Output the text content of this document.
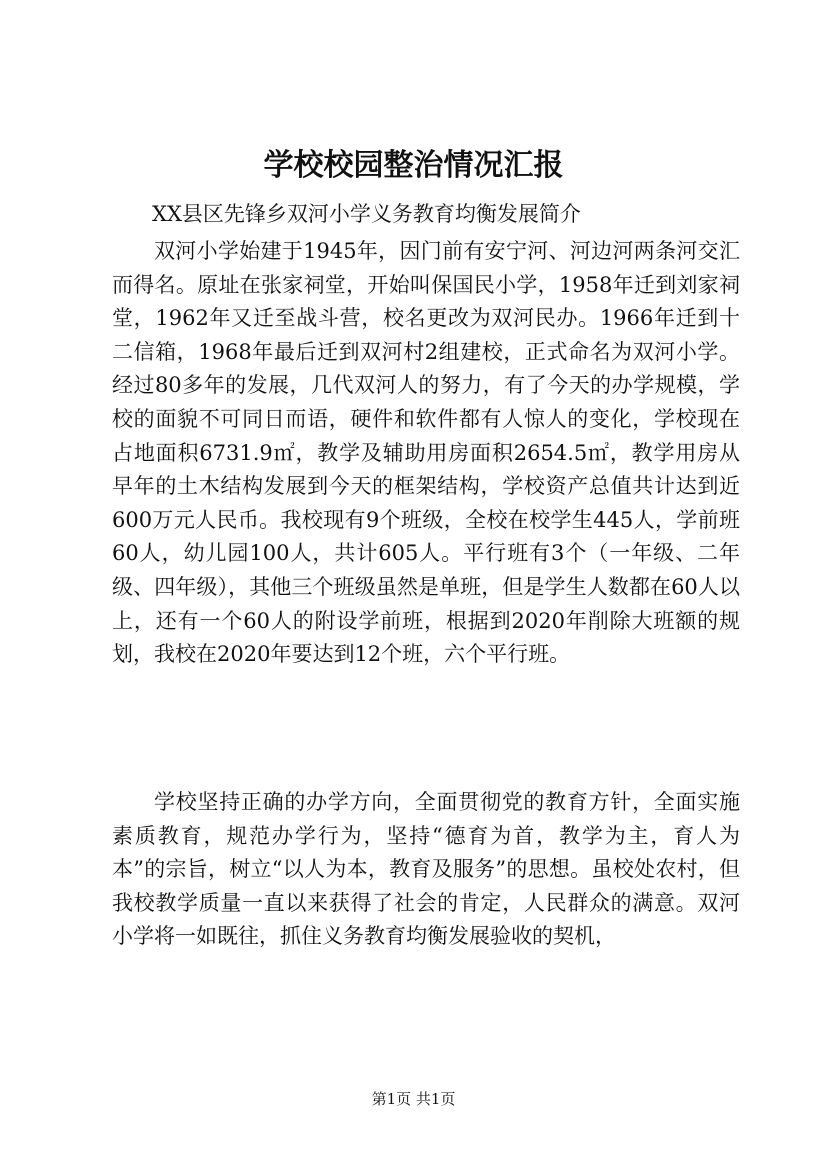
学校校园整治情况汇报
XX县区先锋乡双河小学义务教育均衡发展简介
双河小学始建于1945年，因门前有安宁河、河边河两条河交汇而得名。原址在张家祠堂，开始叫保国民小学，1958年迁到刘家祠堂，1962年又迁至战斗营，校名更改为双河民办。1966年迁到十二信箱，1968年最后迁到双河村2组建校，正式命名为双河小学。经过80多年的发展，几代双河人的努力，有了今天的办学规模，学校的面貌不可同日而语，硬件和软件都有人惊人的变化，学校现在占地面积6731.9㎡，教学及辅助用房面积2654.5㎡，教学用房从早年的土木结构发展到今天的框架结构，学校资产总值共计达到近600万元人民币。我校现有9个班级，全校在校学生445人，学前班60人，幼儿园100人，共计605人。平行班有3个（一年级、二年级、四年级），其他三个班级虽然是单班，但是学生人数都在60人以上，还有一个60人的附设学前班，根据到2020年削除大班额的规划，我校在2020年要达到12个班，六个平行班。
学校坚持正确的办学方向，全面贯彻党的教育方针，全面实施素质教育，规范办学行为，坚持“德育为首，教学为主，育人为本”的宗旨，树立“以人为本，教育及服务”的思想。虽校处农村，但我校教学质量一直以来获得了社会的肯定，人民群众的满意。双河小学将一如既往，抓住义务教育均衡发展验收的契机，
第1页 共1页
